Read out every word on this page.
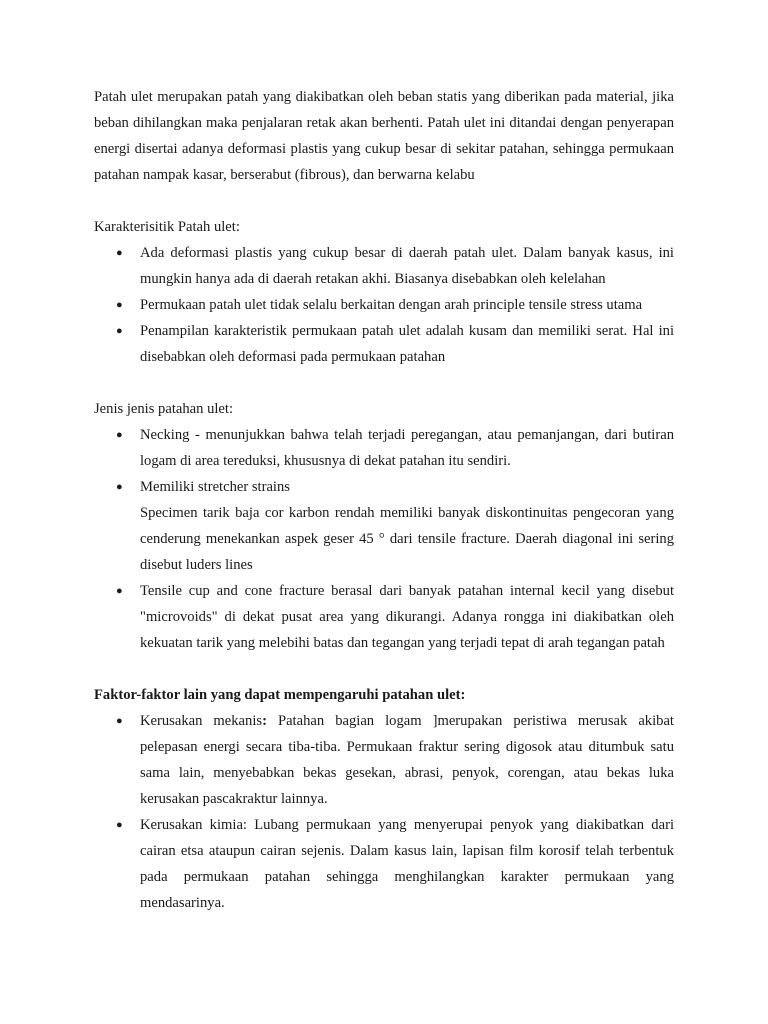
Patah ulet merupakan patah yang diakibatkan oleh beban statis yang diberikan pada material, jika beban dihilangkan maka penjalaran retak akan berhenti. Patah ulet ini ditandai dengan penyerapan energi disertai adanya deformasi plastis yang cukup besar di sekitar patahan, sehingga permukaan patahan nampak kasar, berserabut (fibrous), dan berwarna kelabu

Karakterisitik Patah ulet:

● Ada deformasi plastis yang cukup besar di daerah patah ulet. Dalam banyak kasus, ini mungkin hanya ada di daerah retakan akhi. Biasanya disebabkan oleh kelelahan
● Permukaan patah ulet tidak selalu berkaitan dengan arah principle tensile stress utama
● Penampilan karakteristik permukaan patah ulet adalah kusam dan memiliki serat. Hal ini disebabkan oleh deformasi pada permukaan patahan

Jenis jenis patahan ulet:

● Necking - menunjukkan bahwa telah terjadi peregangan, atau pemanjangan, dari butiran logam di area tereduksi, khususnya di dekat patahan itu sendiri.
● Memiliki stretcher strains
Specimen tarik baja cor karbon rendah memiliki banyak diskontinuitas pengecoran yang cenderung menekankan aspek geser 45 ° dari tensile fracture. Daerah diagonal ini sering disebut luders lines
● Tensile cup and cone fracture berasal dari banyak patahan internal kecil yang disebut "microvoids" di dekat pusat area yang dikurangi. Adanya rongga ini diakibatkan oleh kekuatan tarik yang melebihi batas dan tegangan yang terjadi tepat di arah tegangan patah

Faktor-faktor lain yang dapat mempengaruhi patahan ulet:

● Kerusakan mekanis: Patahan bagian logam ]merupakan peristiwa merusak akibat pelepasan energi secara tiba-tiba. Permukaan fraktur sering digosok atau ditumbuk satu sama lain, menyebabkan bekas gesekan, abrasi, penyok, corengan, atau bekas luka kerusakan pascakraktur lainnya.
● Kerusakan kimia: Lubang permukaan yang menyerupai penyok yang diakibatkan dari cairan etsa ataupun cairan sejenis. Dalam kasus lain, lapisan film korosif telah terbentuk pada permukaan patahan sehingga menghilangkan karakter permukaan yang mendasarinya.
